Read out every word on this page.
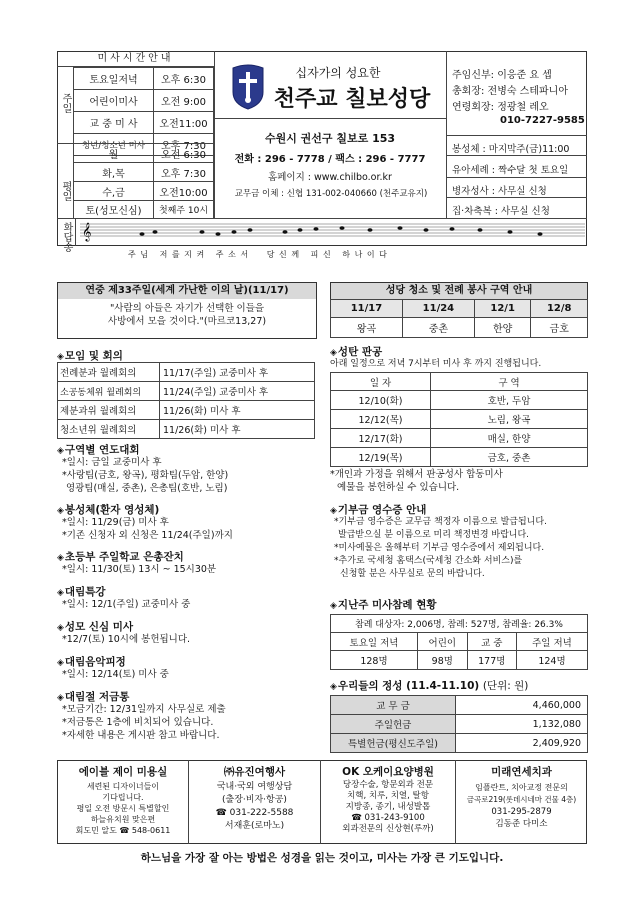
미사시간안내
주일
평일
토요일저녁	오후 6:30
어린이미사	오전 9:00
교 중 미 사	오전11:00
청년/청소년 미사	오후 7:30
월	오전 6:30
화,목	오후 7:30
수,금	오전10:00
토(성모신심)	첫째주 10시
십자가의 성요한
천주교 칠보성당
수원시 권선구 칠보로 153
전화 : 296 - 7778 / 팩스 : 296 - 7777
홈페이지 : www.chilbo.or.kr
교무금 이체 : 신협 131-002-040660 (천주교유지)
주임신부: 이응준 요 셉
총회장: 전병숙 스테파니아
연령회장: 정광철 레오
010-7227-9585
봉성체 : 마지막주(금)11:00
유아세례 : 짝수달 첫 토요일
병자성사 : 사무실 신청
집·차축복 : 사무실 신청
화답송 𝄞
주 님   저 를 지 켜   주 소 서     당 신 께   피 신   하 나 이 다
연중 제33주일(세계 가난한 이의 날)(11/17)
"사람의 아들은 자기가 선택한 이들을
사방에서 모을 것이다."(마르코13,27)
◈모임 및 회의
전례분과 월례회의	11/17(주일) 교중미사 후
소공동체위 월례회의	11/24(주일) 교중미사 후
제분과위 월례회의	11/26(화) 미사 후
청소년위 월례회의	11/26(화) 미사 후
◈구역별 연도대회
*일시: 금일 교중미사 후
*사랑팀(금호, 왕곡), 평화팀(두암, 한양)
영광팀(매실, 중촌), 은총팀(호반, 노림)
◈봉성체(환자 영성체)
*일시: 11/29(금) 미사 후
*기존 신청자 외 신청은 11/24(주일)까지
◈초등부 주일학교 은총잔치
*일시: 11/30(토) 13시 ~ 15시30분
◈대림특강
*일시: 12/1(주일) 교중미사 중
◈성모 신심 미사
*12/7(토) 10시에 봉헌됩니다.
◈대림음악피정
*일시: 12/14(토) 미사 중
◈대림절 저금통
*모금기간: 12/31일까지 사무실로 제출
*저금통은 1층에 비치되어 있습니다.
*자세한 내용은 게시판 참고 바랍니다.
성당 청소 및 전례 봉사 구역 안내
11/17	11/24	12/1	12/8
왕곡	중촌	한양	금호
◈성탄 판공
아래 일정으로 저녁 7시부터 미사 후 까지 진행됩니다.
일 자	구 역
12/10(화)	호반, 두암
12/12(목)	노림, 왕곡
12/17(화)	매실, 한양
12/19(목)	금호, 중촌
*개인과 가정을 위해서 판공성사 합동미사
예물을 봉헌하실 수 있습니다.
◈기부금 영수증 안내
*기부금 영수증은 교무금 책정자 이름으로 발급됩니다.
발급받으실 분 이름으로 미리 책정변경 바랍니다.
*미사예물은 올해부터 기부금 영수증에서 제외됩니다.
*추가로 국세청 홈택스(국세청 간소화 서비스)를
신청할 분은 사무실로 문의 바랍니다.
◈지난주 미사참례 현황
참례 대상자: 2,006명, 참례: 527명, 참례율: 26.3%			
토요일 저녁	어린이	교 중	주일 저녁
128명	98명	177명	124명
◈우리들의 정성 (11.4-11.10) (단위: 원)
교 무 금	4,460,000
주일헌금	1,132,080
특별헌금(평신도주일)	2,409,920
에이블 제이 미용실
세련된 디자이너들이
기다립니다.
평일 오전 방문시 특별할인
하늘유치원 맞은편
회도민 알도 ☎ 548-0611
㈜유진여행사
국내·국외 여행상담
(출장·비자·항공)
☎ 031-222-5588
서재훈(로마노)
OK 오케이요양병원
당장수술, 항문외과 전문
치핵, 치루, 치열, 탈항
지방종, 종기, 내성발톱
☎ 031-243-9100
외과전문의 신상현(루까)
미래연세치과
임플란트, 치아교정 전문의
금곡로219(롯데시네마 건물 4층)
031-295-2879
김동준 다미소
하느님을 가장 잘 아는 방법은 성경을 읽는 것이고, 미사는 가장 큰 기도입니다.
